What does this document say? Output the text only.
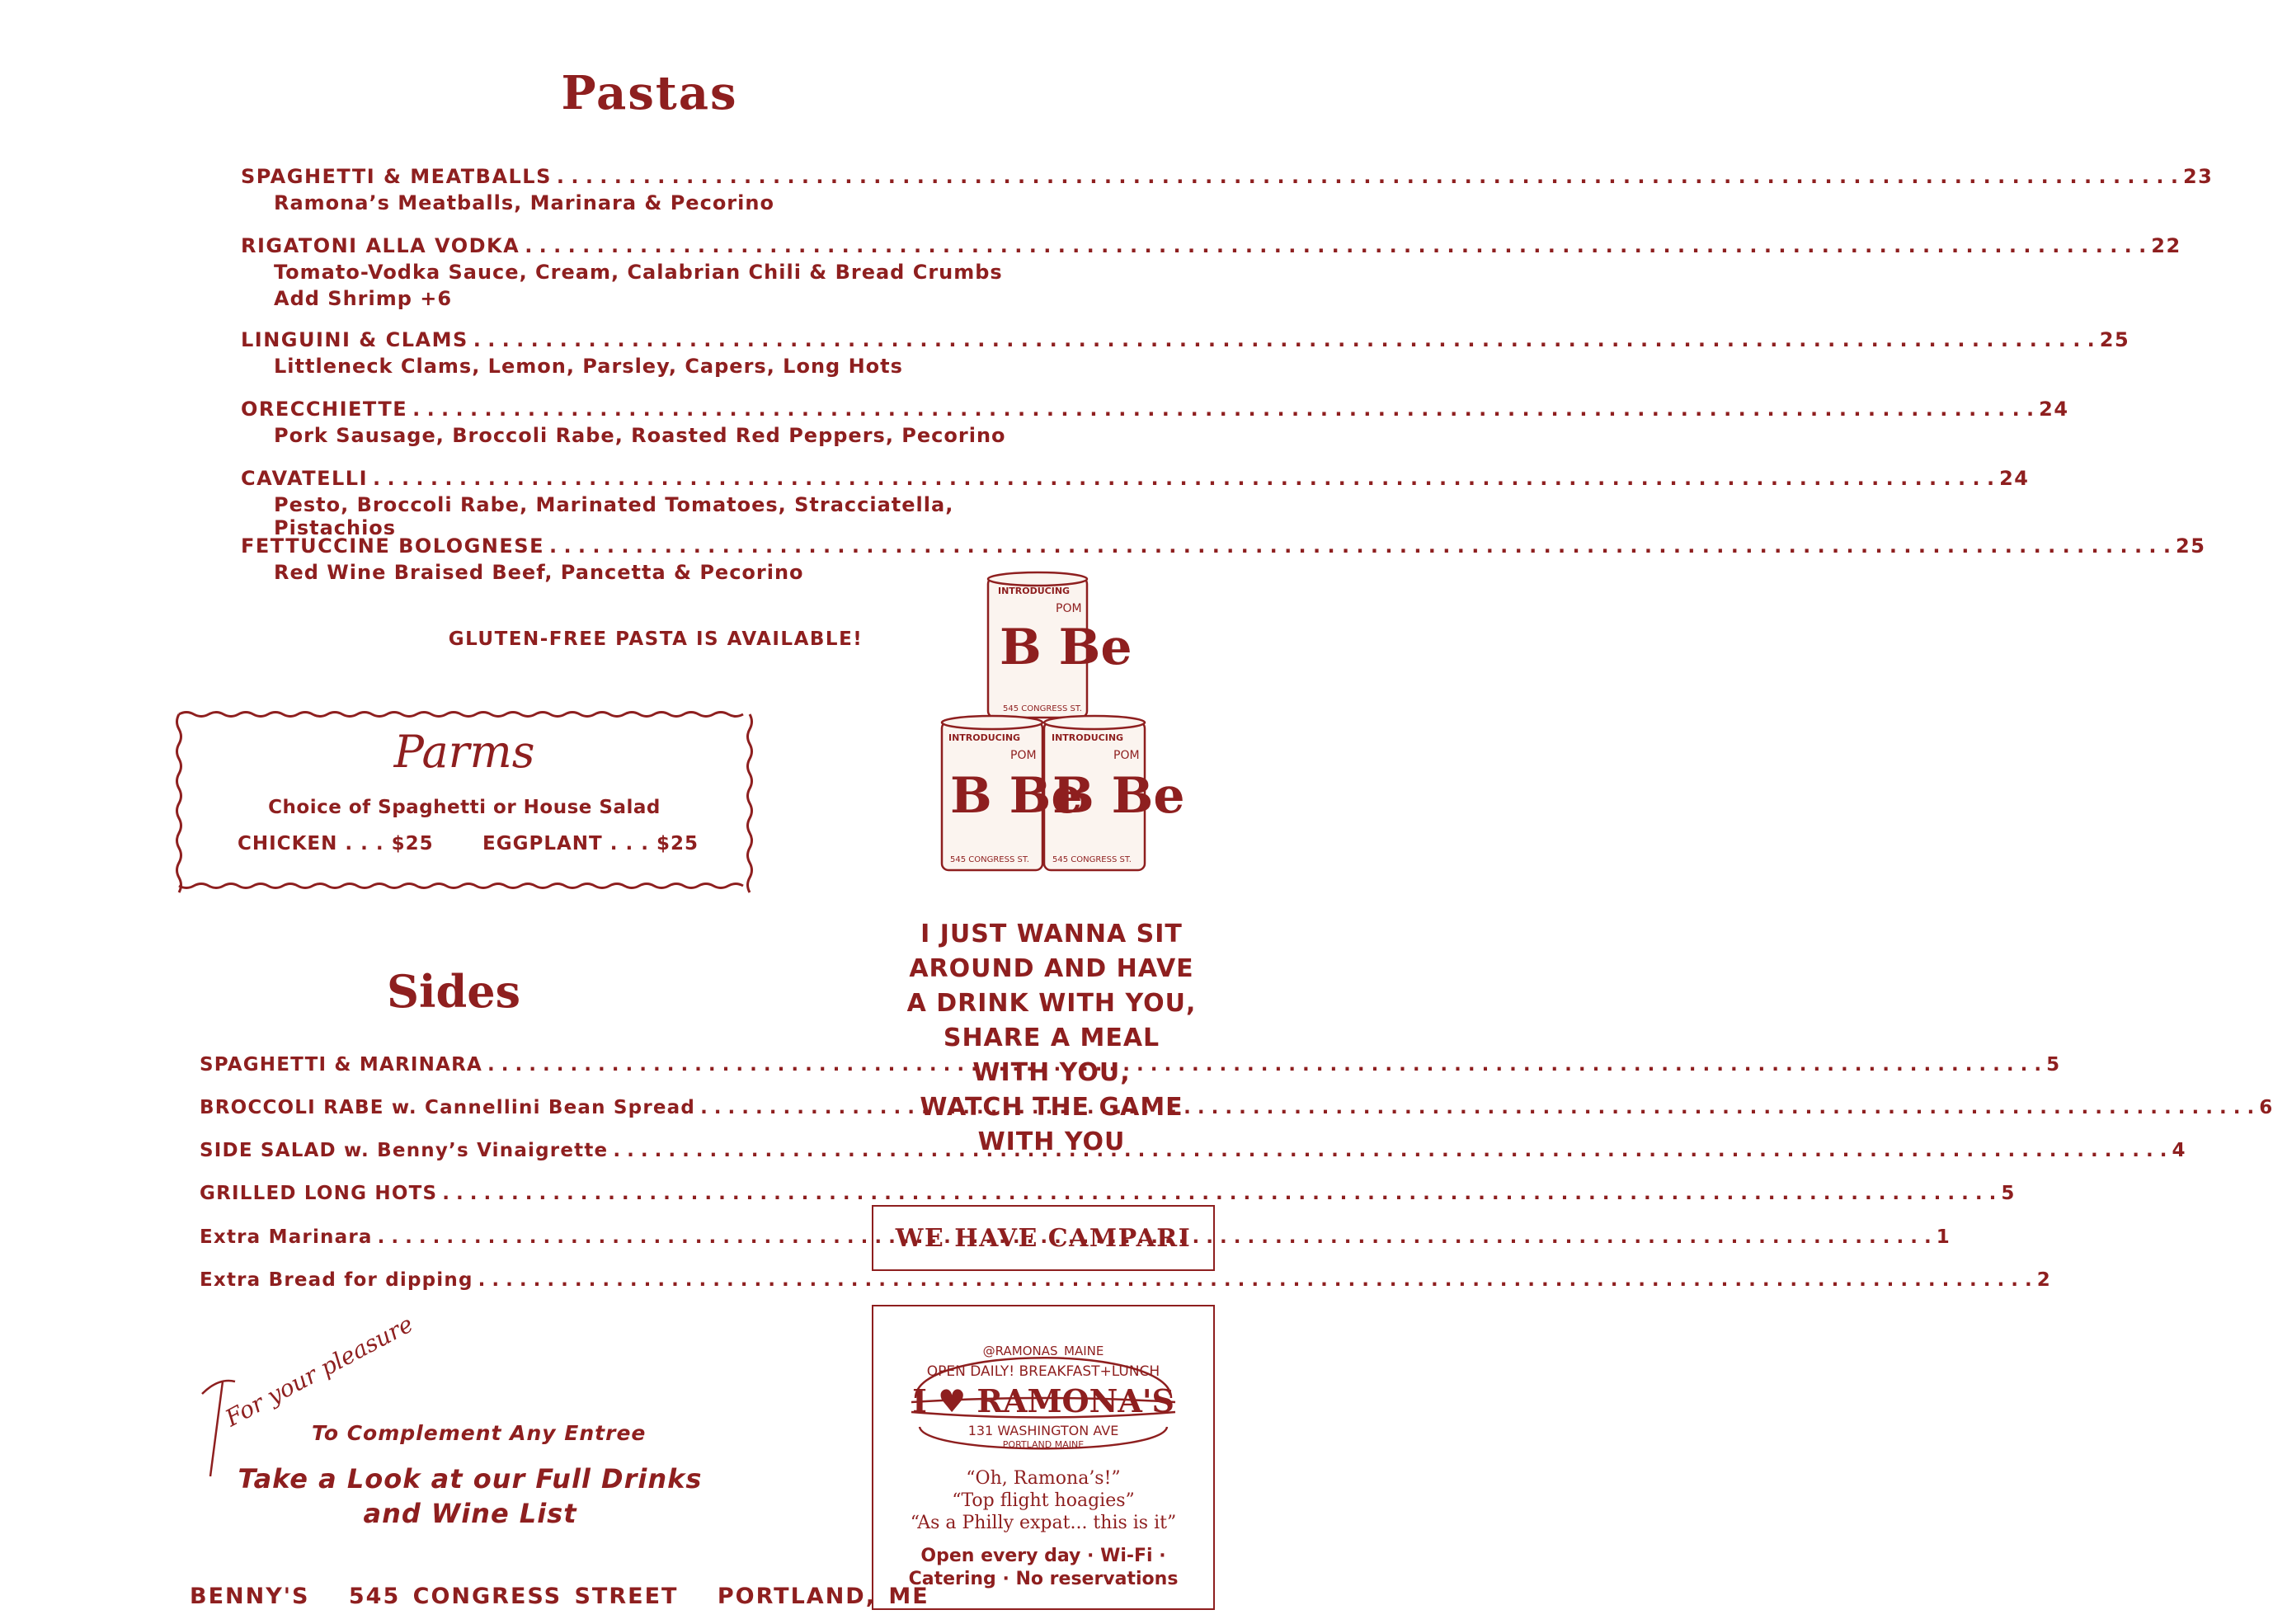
Pastas
SPAGHETTI & MEATBALLS . . .	23
Ramona’s Meatballs, Marinara & Pecorino
RIGATONI ALLA VODKA . . .	22
Tomato-Vodka Sauce, Cream, Calabrian Chili & Bread Crumbs
Add Shrimp +6
LINGUINI & CLAMS . . .	25
Littleneck Clams, Lemon, Parsley, Capers, Long Hots
ORECCHIETTE . . .	24
Pork Sausage, Broccoli Rabe, Roasted Red Peppers, Pecorino
CAVATELLI . . .	24
Pesto, Broccoli Rabe, Marinated Tomatoes, Stracciatella, Pistachios
FETTUCCINE BOLOGNESE . . .	25
Red Wine Braised Beef, Pancetta & Pecorino
GLUTEN-FREE PASTA IS AVAILABLE!
Parms
Choice of Spaghetti or House Salad
CHICKEN . . . $25	EGGPLANT . . . $25
Sides
SPAGHETTI & MARINARA . . .	5
BROCCOLI RABE w. Cannellini Bean Spread . . .	6
SIDE SALAD w. Benny’s Vinaigrette . . .	4
GRILLED LONG HOTS . . .	5
Extra Marinara . . .	1
Extra Bread for dipping . . .	2
INTRODUCING
POM
B Be
545 CONGRESS ST.
INTRODUCING
POM
B Be
545 CONGRESS ST.
INTRODUCING
POM
B Be
545 CONGRESS ST.
I JUST WANNA SIT
AROUND AND HAVE
A DRINK WITH YOU,
SHARE A MEAL
WITH YOU,
WATCH THE GAME
WITH YOU
WE HAVE CAMPARI
@RAMONAS_MAINE
OPEN DAILY! BREAKFAST+LUNCH
I ♥ RAMONA'S
131 WASHINGTON AVE
PORTLAND MAINE
“Oh, Ramona’s!”
“Top flight hoagies”
“As a Philly expat... this is it”
Open every day · Wi-Fi ·
Catering · No reservations
For your pleasure
To Complement Any Entree
Take a Look at our Full Drinks
and Wine List
BENNY'S 545 CONGRESS STREET PORTLAND, ME
